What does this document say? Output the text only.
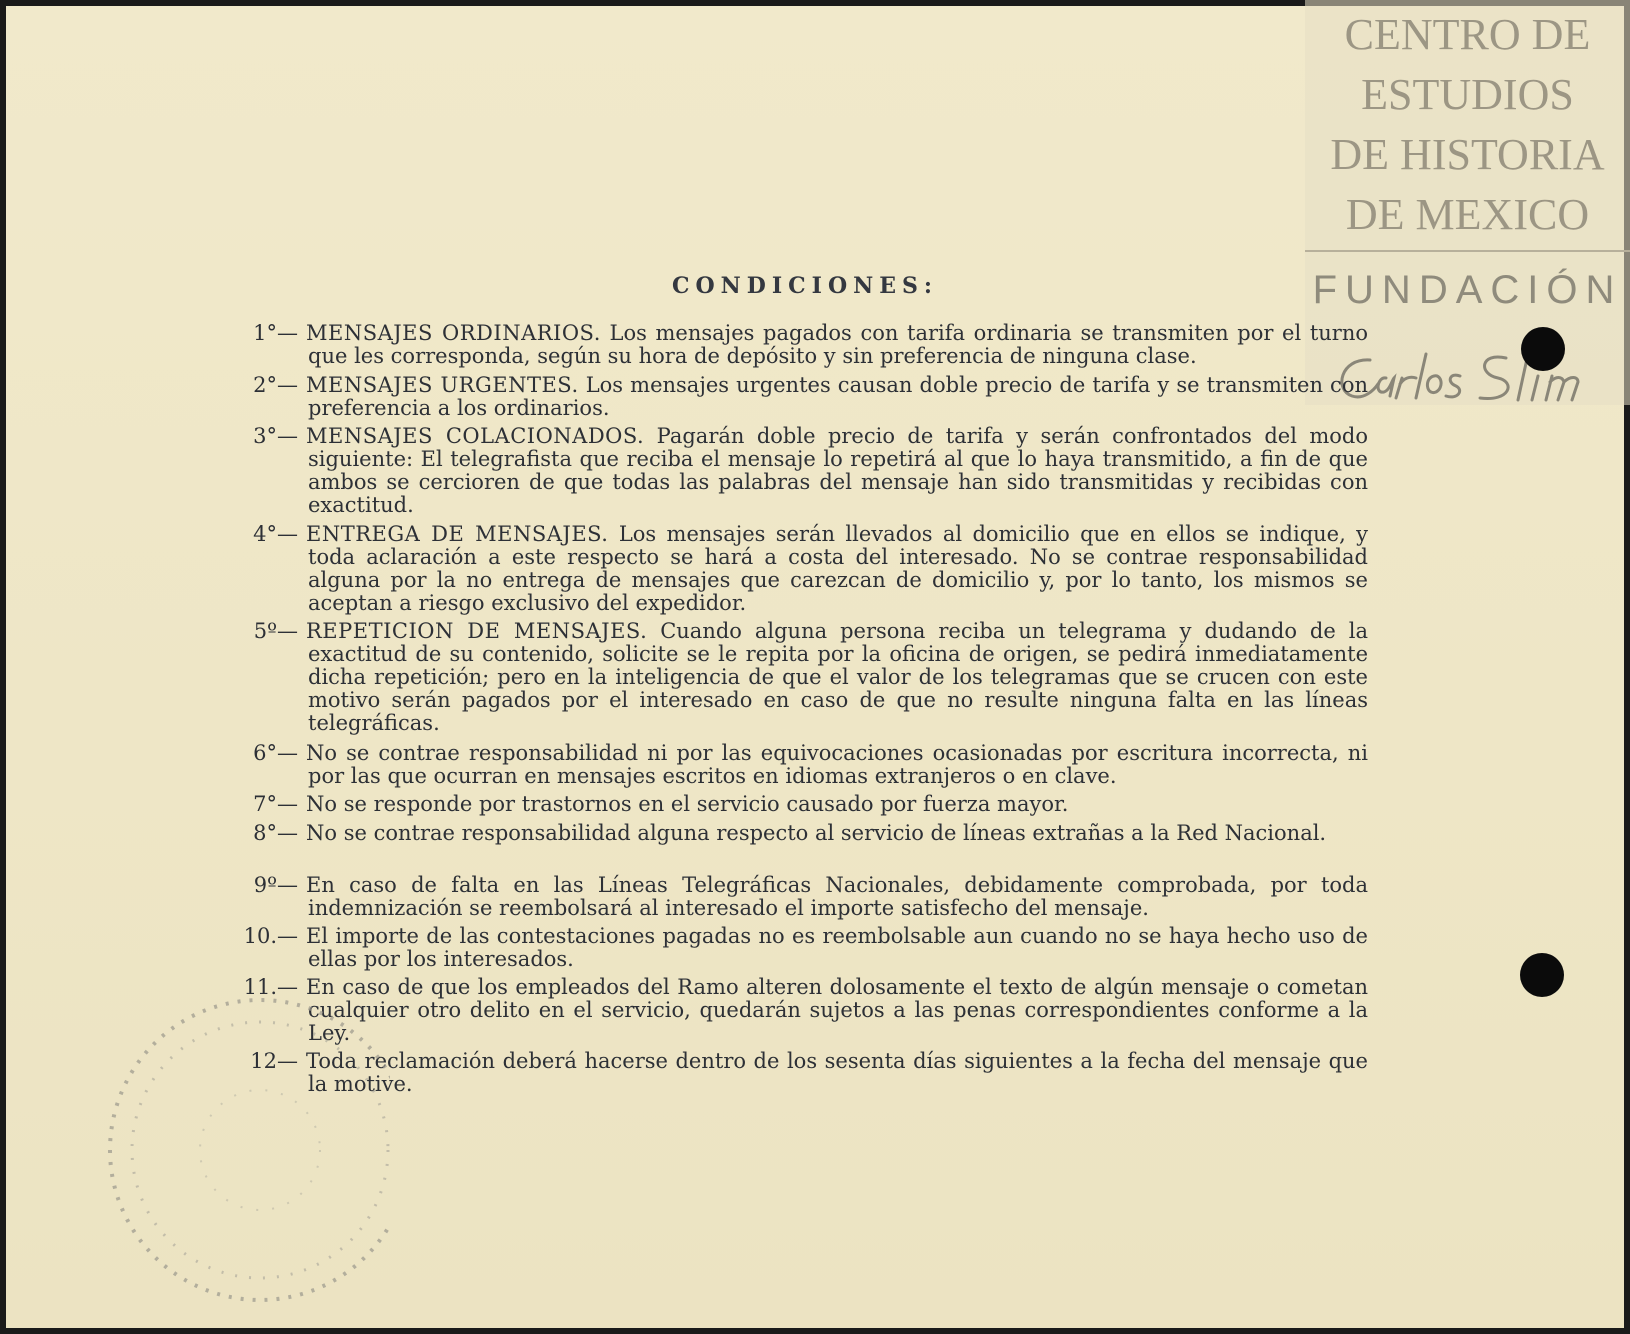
CENTRO DE
ESTUDIOS
DE HISTORIA
DE MEXICO
FUNDACIÓN
CONDICIONES:
1°— MENSAJES ORDINARIOS. Los mensajes pagados con tarifa ordinaria se transmiten por el turno que les corresponda, según su hora de depósito y sin preferencia de ninguna clase.
2°— MENSAJES URGENTES. Los mensajes urgentes causan doble precio de tarifa y se transmiten con preferencia a los ordinarios.
3°— MENSAJES COLACIONADOS. Pagarán doble precio de tarifa y serán confrontados del modo siguiente: El telegrafista que reciba el mensaje lo repetirá al que lo haya transmitido, a fin de que ambos se cercioren de que todas las palabras del mensaje han sido transmitidas y recibidas con exactitud.
4°— ENTREGA DE MENSAJES. Los mensajes serán llevados al domicilio que en ellos se indique, y toda aclaración a este respecto se hará a costa del interesado. No se contrae responsabilidad alguna por la no entrega de mensajes que carezcan de domicilio y, por lo tanto, los mismos se aceptan a riesgo exclusivo del expedidor.
5º— REPETICION DE MENSAJES. Cuando alguna persona reciba un telegrama y dudando de la exactitud de su contenido, solicite se le repita por la oficina de origen, se pedirá inmediatamente dicha repetición; pero en la inteligencia de que el valor de los telegramas que se crucen con este motivo serán pagados por el interesado en caso de que no resulte ninguna falta en las líneas telegráficas.
6°— No se contrae responsabilidad ni por las equivocaciones ocasionadas por escritura incorrecta, ni por las que ocurran en mensajes escritos en idiomas extranjeros o en clave.
7°— No se responde por trastornos en el servicio causado por fuerza mayor.
8°— No se contrae responsabilidad alguna respecto al servicio de líneas extrañas a la Red Nacional.
9º— En caso de falta en las Líneas Telegráficas Nacionales, debidamente comprobada, por toda indemnización se reembolsará al interesado el importe satisfecho del mensaje.
10.— El importe de las contestaciones pagadas no es reembolsable aun cuando no se haya hecho uso de ellas por los interesados.
11.— En caso de que los empleados del Ramo alteren dolosamente el texto de algún mensaje o cometan cualquier otro delito en el servicio, quedarán sujetos a las penas correspondientes conforme a la Ley.
12— Toda reclamación deberá hacerse dentro de los sesenta días siguientes a la fecha del mensaje que la motive.
